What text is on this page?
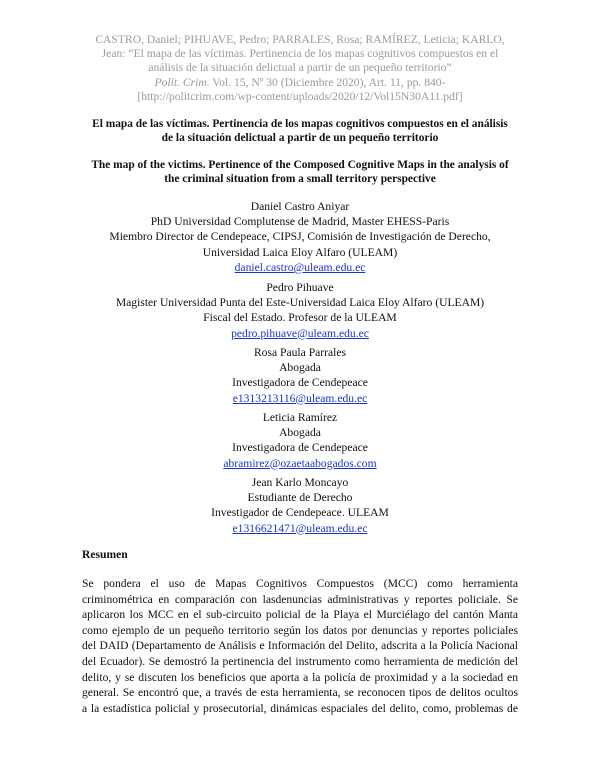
CASTRO, Daniel; PIHUAVE, Pedro; PARRALES, Rosa; RAMÍREZ, Leticia; KARLO,
Jean: “El mapa de las víctimas. Pertinencia de los mapas cognitivos compuestos en el
análisis de la situación delictual a partir de un pequeño territorio”
Polít. Crim. Vol. 15, Nº 30 (Diciembre 2020), Art. 11, pp. 840-
[http://politcrim.com/wp-content/uploads/2020/12/Vol15N30A11.pdf]
El mapa de las víctimas. Pertinencia de los mapas cognitivos compuestos en el análisis
de la situación delictual a partir de un pequeño territorio
The map of the victims. Pertinence of the Composed Cognitive Maps in the analysis of
the criminal situation from a small territory perspective
Daniel Castro Aniyar
PhD Universidad Complutense de Madrid, Master EHESS-Paris
Miembro Director de Cendepeace, CIPSJ, Comisión de Investigación de Derecho,
Universidad Laica Eloy Alfaro (ULEAM)
daniel.castro@uleam.edu.ec
Pedro Pihuave
Magister Universidad Punta del Este-Universidad Laica Eloy Alfaro (ULEAM)
Fiscal del Estado. Profesor de la ULEAM
pedro.pihuave@uleam.edu.ec
Rosa Paula Parrales
Abogada
Investigadora de Cendepeace
e1313213116@uleam.edu.ec
Leticia Ramírez
Abogada
Investigadora de Cendepeace
abramirez@ozaetaabogados.com
Jean Karlo Moncayo
Estudiante de Derecho
Investigador de Cendepeace. ULEAM
e1316621471@uleam.edu.ec
Resumen
Se pondera el uso de Mapas Cognitivos Compuestos (MCC) como herramienta
criminométrica en comparación con lasdenuncias administrativas y reportes policiale. Se
aplicaron los MCC en el sub-circuito policial de la Playa el Murciélago del cantón Manta
como ejemplo de un pequeño territorio según los datos por denuncias y reportes policiales
del DAID (Departamento de Análisis e Información del Delito, adscrita a la Policía Nacional
del Ecuador). Se demostró la pertinencia del instrumento como herramienta de medición del
delito, y se discuten los beneficios que aporta a la policía de proximidad y a la sociedad en
general. Se encontró que, a través de esta herramienta, se reconocen tipos de delitos ocultos
a la estadística policial y prosecutorial, dinámicas espaciales del delito, como, problemas de
